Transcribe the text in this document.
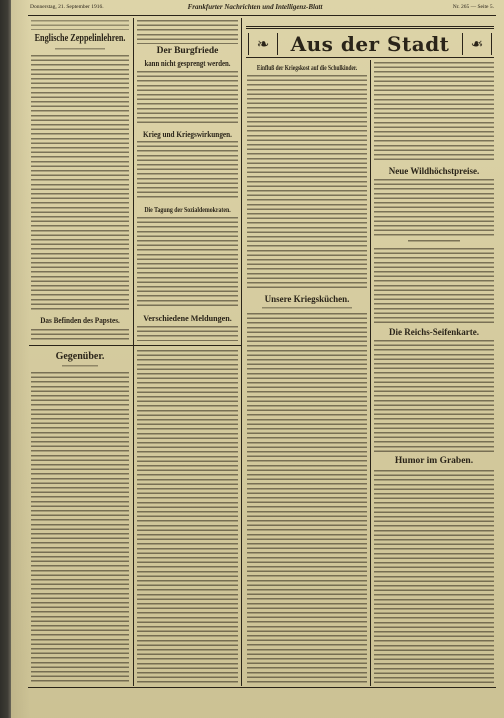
Donnerstag, 21. September 1916.	Frankfurter Nachrichten und Intelligenz-Blatt	Nr. 265 — Seite 5.
Englische Zeppelinlehren.
Das Befinden des Papstes.
Gegenüber.
Der Burgfriede
kann nicht gesprengt werden.
Krieg und Kriegswirkungen.
Die Tagung der Sozialdemokraten.
Verschiedene Meldungen.
❧	Aus der Stadt	❧
Einfluß der Kriegskost auf die Schulkinder.
Unsere Kriegsküchen.
Neue Wildhöchstpreise.
Die Reichs-Seifenkarte.
Humor im Graben.
